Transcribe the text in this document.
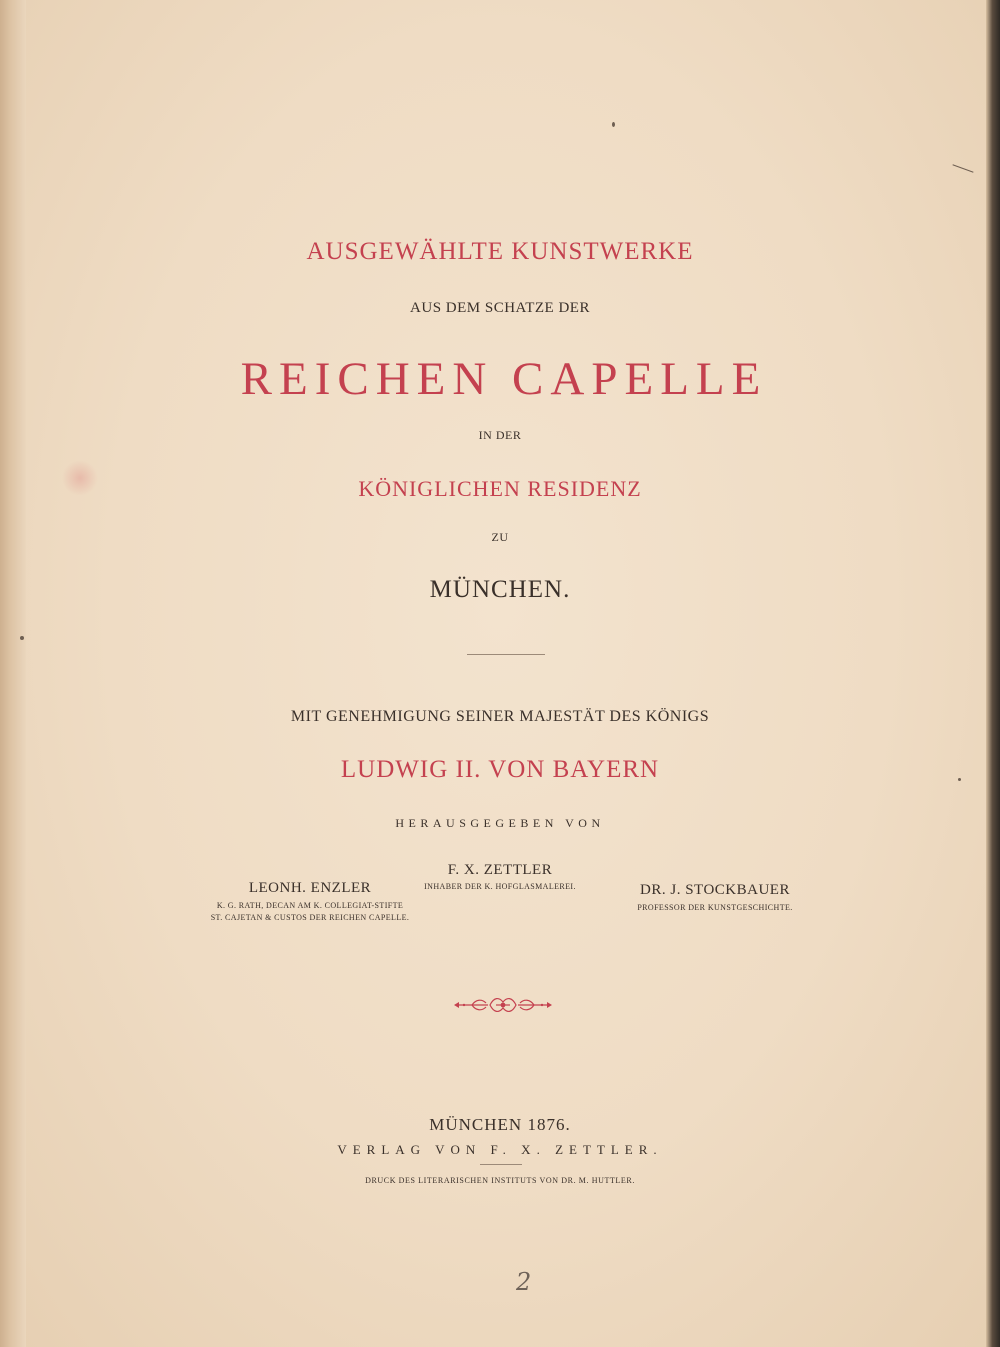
AUSGEWÄHLTE KUNSTWERKE
AUS DEM SCHATZE DER
REICHEN CAPELLE
IN DER
KÖNIGLICHEN RESIDENZ
ZU
MÜNCHEN.
MIT GENEHMIGUNG SEINER MAJESTÄT DES KÖNIGS
LUDWIG II. VON BAYERN
HERAUSGEGEBEN VON
LEONH. ENZLER
K. G. RATH, DECAN AM K. COLLEGIAT-STIFTE
ST. CAJETAN & CUSTOS DER REICHEN CAPELLE.
F. X. ZETTLER
INHABER DER K. HOFGLASMALEREI.	DR. J. STOCKBAUER
PROFESSOR DER KUNSTGESCHICHTE.
MÜNCHEN 1876.
VERLAG VON F. X. ZETTLER.
DRUCK DES LITERARISCHEN INSTITUTS VON DR. M. HUTTLER.
2
